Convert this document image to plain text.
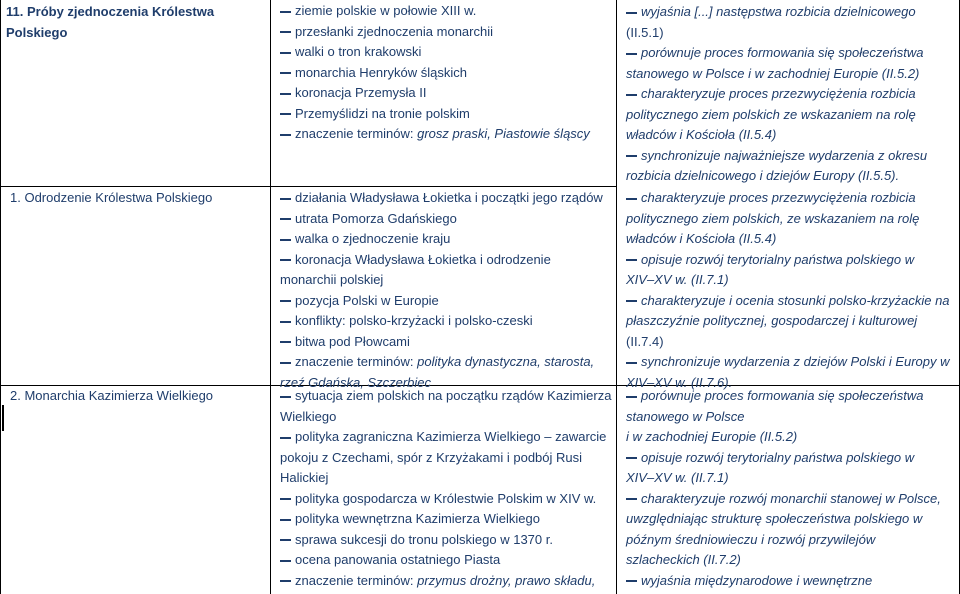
11. Próby zjednoczenia Królestwa
Polskiego
ziemie polskie w połowie XIII w.
przesłanki zjednoczenia monarchii
walki o tron krakowski
monarchia Henryków śląskich
koronacja Przemysła II
Przemyślidzi na tronie polskim
znaczenie terminów: grosz praski, Piastowie śląscy
wyjaśnia [...] następstwa rozbicia dzielnicowego
(II.5.1)
porównuje proces formowania się społeczeństwa
stanowego w Polsce i w zachodniej Europie (II.5.2)
charakteryzuje proces przezwyciężenia rozbicia
politycznego ziem polskich ze wskazaniem na rolę
władców i Kościoła (II.5.4)
synchronizuje najważniejsze wydarzenia z okresu
rozbicia dzielnicowego i dziejów Europy (II.5.5).
1. Odrodzenie Królestwa Polskiego	działania Władysława Łokietka i początki jego rządów
utrata Pomorza Gdańskiego
walka o zjednoczenie kraju
koronacja Władysława Łokietka i odrodzenie
monarchii polskiej
pozycja Polski w Europie
konflikty: polsko-krzyżacki i polsko-czeski
bitwa pod Płowcami
znaczenie terminów: polityka dynastyczna, starosta,
rzeź Gdańska, Szczerbiec
charakteryzuje proces przezwyciężenia rozbicia
politycznego ziem polskich, ze wskazaniem na rolę
władców i Kościoła (II.5.4)
opisuje rozwój terytorialny państwa polskiego w
XIV–XV w. (II.7.1)
charakteryzuje i ocenia stosunki polsko-krzyżackie na
płaszczyźnie politycznej, gospodarczej i kulturowej
(II.7.4)
synchronizuje wydarzenia z dziejów Polski i Europy w
XIV–XV w. (II.7.6).
2. Monarchia Kazimierza Wielkiego	sytuacja ziem polskich na początku rządów Kazimierza
Wielkiego
polityka zagraniczna Kazimierza Wielkiego – zawarcie
pokoju z Czechami, spór z Krzyżakami i podbój Rusi
Halickiej
polityka gospodarcza w Królestwie Polskim w XIV w.
polityka wewnętrzna Kazimierza Wielkiego
sprawa sukcesji do tronu polskiego w 1370 r.
ocena panowania ostatniego Piasta
znaczenie terminów: przymus drożny, prawo składu,
porównuje proces formowania się społeczeństwa
stanowego w Polsce
i w zachodniej Europie (II.5.2)
opisuje rozwój terytorialny państwa polskiego w
XIV–XV w. (II.7.1)
charakteryzuje rozwój monarchii stanowej w Polsce,
uwzględniając strukturę społeczeństwa polskiego w
późnym średniowieczu i rozwój przywilejów
szlacheckich (II.7.2)
wyjaśnia międzynarodowe i wewnętrzne
